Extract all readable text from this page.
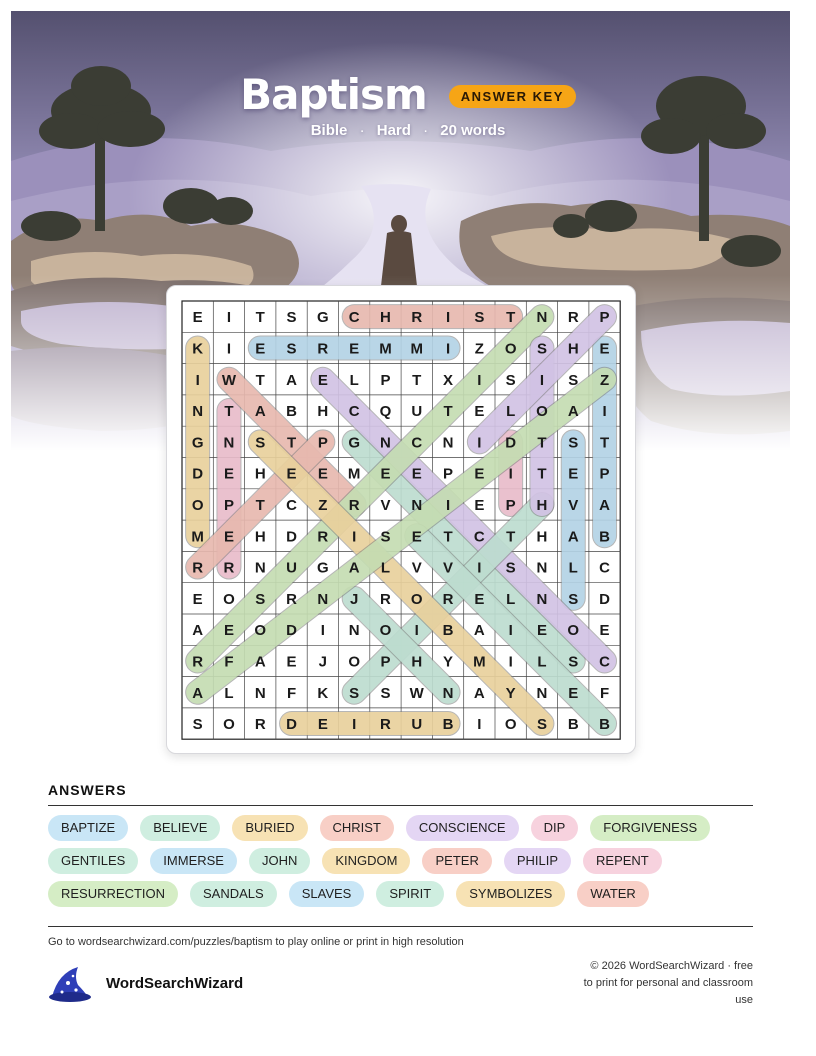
Baptism	ANSWER KEY
Bible · Hard · 20 words
E I T S G C H R I S T N R P
K I E S R E M M I Z O S H E
I W T A E L P T X I S I S Z
N T A B H C Q U T E L O A I
G N S T P G N C N I D T S T
D E H E E M E E P E I T E P
O P T C Z R V N I E P H V A
M E H D R I S E T C T H A B
R R N U G A L V V I S N L C
E O S R N J R O R E L N S D
A E O D I N O I B A I E O E
R F A E J O P H Y M I L S C
A L N F K S S W N A Y N E F
S O R D E I R U B I O S B B
ANSWERS
BAPTIZE	BELIEVE	BURIED	CHRIST	CONSCIENCE	DIP	FORGIVENESS
GENTILES	IMMERSE	JOHN	KINGDOM	PETER	PHILIP	REPENT
RESURRECTION	SANDALS	SLAVES	SPIRIT	SYMBOLIZES	WATER
Go to wordsearchwizard.com/puzzles/baptism to play online or print in high resolution
WordSearchWizard
© 2026 WordSearchWizard · free to print for personal and classroom use
